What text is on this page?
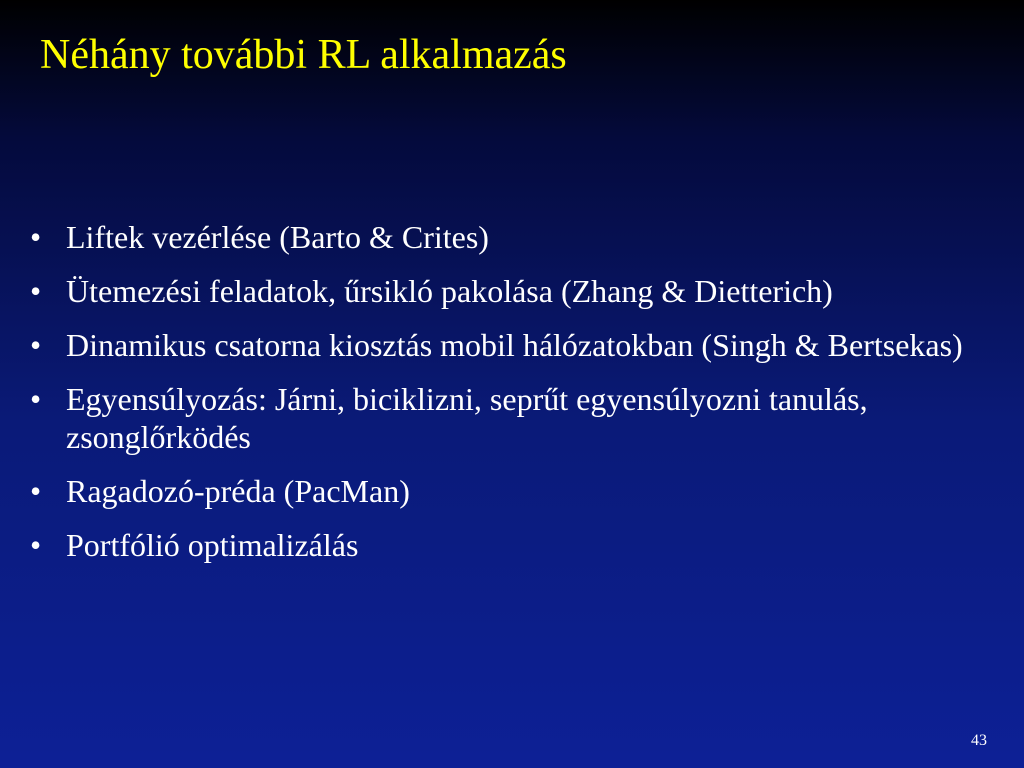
Néhány további RL alkalmazás
• Liftek vezérlése (Barto & Crites)
• Ütemezési feladatok, űrsikló pakolása (Zhang & Dietterich)
• Dinamikus csatorna kiosztás mobil hálózatokban (Singh & Bertsekas)
• Egyensúlyozás: Járni, biciklizni, seprűt egyensúlyozni tanulás, zsonglőrködés
• Ragadozó-préda (PacMan)
• Portfólió optimalizálás
43
